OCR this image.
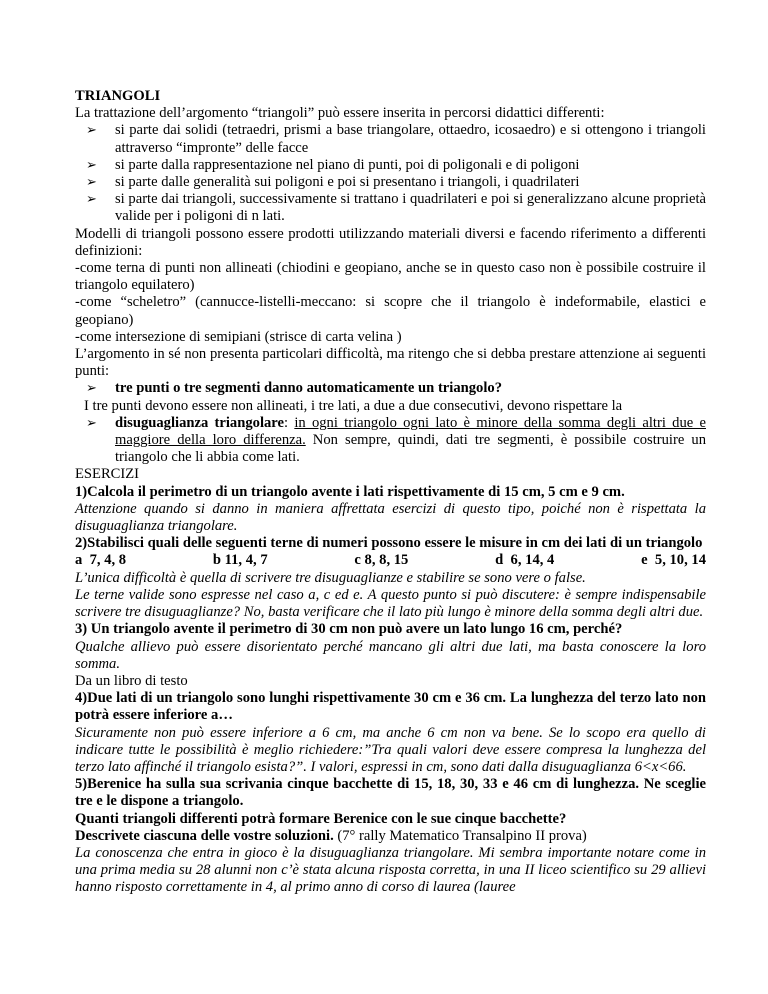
TRIANGOLI

La trattazione dell’argomento “triangoli” può essere inserita in percorsi didattici differenti:

➢ si parte dai solidi (tetraedri, prismi a base triangolare, ottaedro, icosaedro) e si ottengono i triangoli attraverso “impronte” delle facce
➢ si parte dalla rappresentazione nel piano di punti, poi di poligonali e di poligoni
➢ si parte dalle generalità sui poligoni e poi si presentano i triangoli, i quadrilateri
➢ si parte dai triangoli, successivamente si trattano i quadrilateri e poi si generalizzano alcune proprietà valide per i poligoni di n lati.

Modelli di triangoli possono essere prodotti utilizzando materiali diversi e facendo riferimento a differenti definizioni:

-come terna di punti non allineati (chiodini e geopiano, anche se in questo caso non è possibile costruire il triangolo equilatero)

-come “scheletro” (cannucce-listelli-meccano: si scopre che il triangolo è indeformabile, elastici e geopiano)

-come intersezione di semipiani (strisce di carta velina )

L’argomento in sé non presenta particolari difficoltà, ma ritengo che si debba prestare attenzione ai seguenti punti:

➢ tre punti o tre segmenti danno automaticamente un triangolo?

I tre punti devono essere non allineati, i tre lati, a due a due consecutivi, devono rispettare la

➢ disuguaglianza triangolare: in ogni triangolo ogni lato è minore della somma degli altri due e maggiore della loro differenza. Non sempre, quindi, dati tre segmenti, è possibile costruire un triangolo che li abbia come lati.

ESERCIZI

1)Calcola il perimetro di un triangolo avente i lati rispettivamente di 15 cm, 5 cm e 9 cm.

Attenzione quando si danno in maniera affrettata esercizi di questo tipo, poiché non è rispettata la disuguaglianza triangolare.

2)Stabilisci quali delle seguenti terne di numeri possono essere le misure in cm dei lati di un triangolo

a  7, 4, 8	b 11, 4, 7	c 8, 8, 15	d  6, 14, 4	e  5, 10, 14

L’unica difficoltà è quella di scrivere tre disuguaglianze e stabilire se sono vere o false.

Le terne valide sono espresse nel caso a, c ed e. A questo punto si può discutere: è sempre indispensabile scrivere tre disuguaglianze? No, basta verificare che il lato più lungo è minore della somma degli altri due.

3) Un triangolo avente il perimetro di 30 cm non può avere un lato lungo 16 cm, perché?

Qualche allievo può essere disorientato perché mancano gli altri due lati, ma basta conoscere la loro somma.

Da un libro di testo

4)Due lati di un triangolo sono lunghi rispettivamente 30 cm e 36 cm. La lunghezza del terzo lato non potrà essere inferiore a…

Sicuramente non può essere inferiore a 6 cm, ma anche 6 cm non va bene. Se lo scopo era quello di indicare tutte le possibilità è meglio richiedere:”Tra quali valori deve essere compresa la lunghezza del terzo lato affinché il triangolo esista?”. I valori, espressi in cm, sono dati dalla disuguaglianza 6<x<66.

5)Berenice ha sulla sua scrivania cinque bacchette di 15, 18, 30, 33 e 46 cm di lunghezza. Ne sceglie tre e le dispone a triangolo.

Quanti triangoli differenti potrà formare Berenice con le sue cinque bacchette?

Descrivete ciascuna delle vostre soluzioni. (7° rally Matematico Transalpino II prova)

La conoscenza che entra in gioco è la disuguaglianza triangolare. Mi sembra importante notare come in una prima media su 28 alunni non c’è stata alcuna risposta corretta, in una II liceo scientifico su 29 allievi hanno risposto correttamente in 4, al primo anno di corso di laurea (lauree
